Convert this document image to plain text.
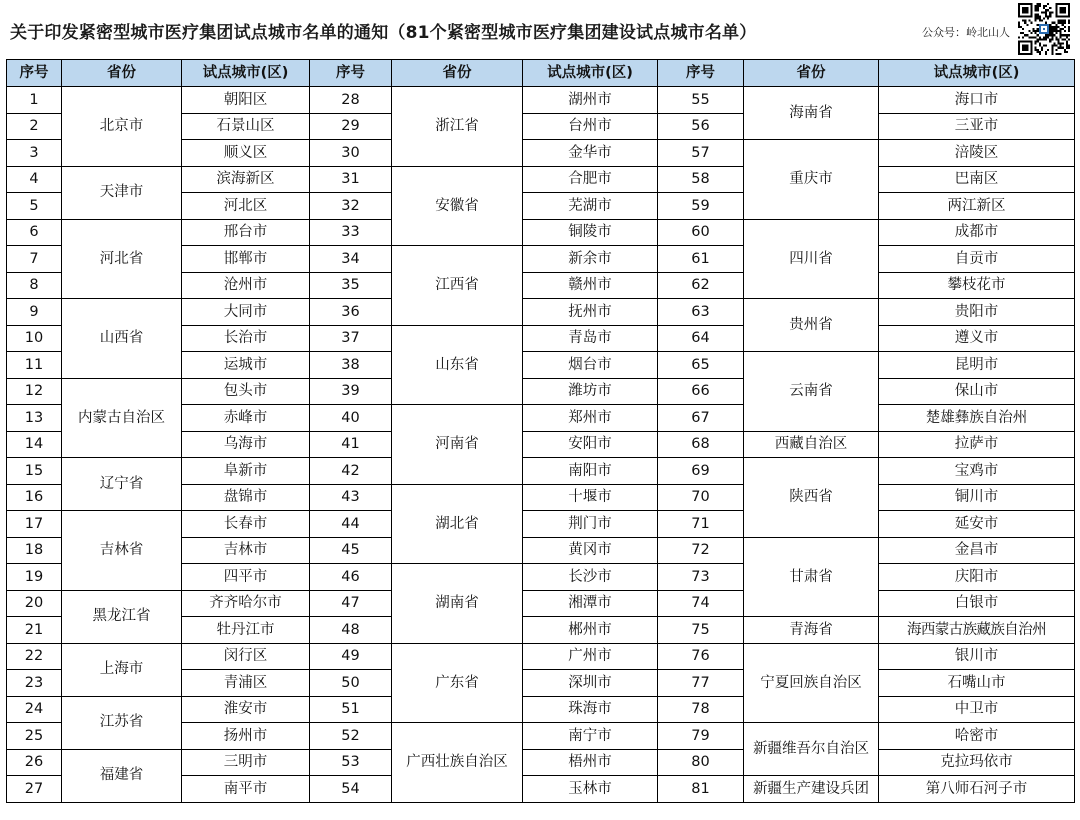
关于印发紧密型城市医疗集团试点城市名单的通知（81个紧密型城市医疗集团建设试点城市名单）	公众号：岭北山人
序号	省份	试点城市(区)	序号	省份	试点城市(区)	序号	省份	试点城市(区)
1	北京市	朝阳区	28	浙江省	湖州市	55	海南省	海口市
2		石景山区	29		台州市	56		三亚市
3		顺义区	30		金华市	57	重庆市	涪陵区
4	天津市	滨海新区	31	安徽省	合肥市	58		巴南区
5		河北区	32		芜湖市	59		两江新区
6	河北省	邢台市	33		铜陵市	60	四川省	成都市
7		邯郸市	34	江西省	新余市	61		自贡市
8		沧州市	35		赣州市	62		攀枝花市
9	山西省	大同市	36		抚州市	63	贵州省	贵阳市
10		长治市	37	山东省	青岛市	64		遵义市
11		运城市	38		烟台市	65	云南省	昆明市
12	内蒙古自治区	包头市	39		潍坊市	66		保山市
13		赤峰市	40	河南省	郑州市	67		楚雄彝族自治州
14		乌海市	41		安阳市	68	西藏自治区	拉萨市
15	辽宁省	阜新市	42		南阳市	69	陕西省	宝鸡市
16		盘锦市	43	湖北省	十堰市	70		铜川市
17	吉林省	长春市	44		荆门市	71		延安市
18		吉林市	45		黄冈市	72	甘肃省	金昌市
19		四平市	46	湖南省	长沙市	73		庆阳市
20	黑龙江省	齐齐哈尔市	47		湘潭市	74		白银市
21		牡丹江市	48		郴州市	75	青海省	海西蒙古族藏族自治州
22	上海市	闵行区	49	广东省	广州市	76	宁夏回族自治区	银川市
23		青浦区	50		深圳市	77		石嘴山市
24	江苏省	淮安市	51		珠海市	78		中卫市
25		扬州市	52	广西壮族自治区	南宁市	79	新疆维吾尔自治区	哈密市
26	福建省	三明市	53		梧州市	80		克拉玛依市
27		南平市	54		玉林市	81	新疆生产建设兵团	第八师石河子市
